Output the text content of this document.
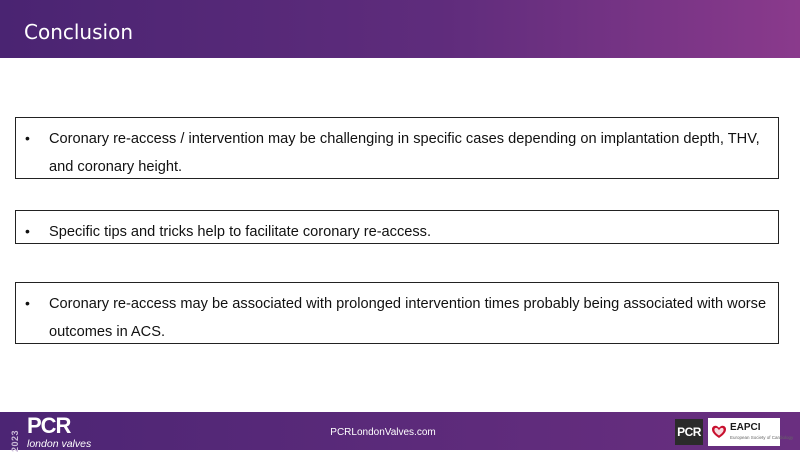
Conclusion
• Coronary re-access / intervention may be challenging in specific cases depending on implantation depth, THV, and coronary height.
• Specific tips and tricks help to facilitate coronary re-access.
• Coronary re-access may be associated with prolonged intervention times probably being associated with worse outcomes in ACS.
2023
PCR
london valves
PCRLondonValves.com	PCR	EAPCI
European Society of Cardiology
